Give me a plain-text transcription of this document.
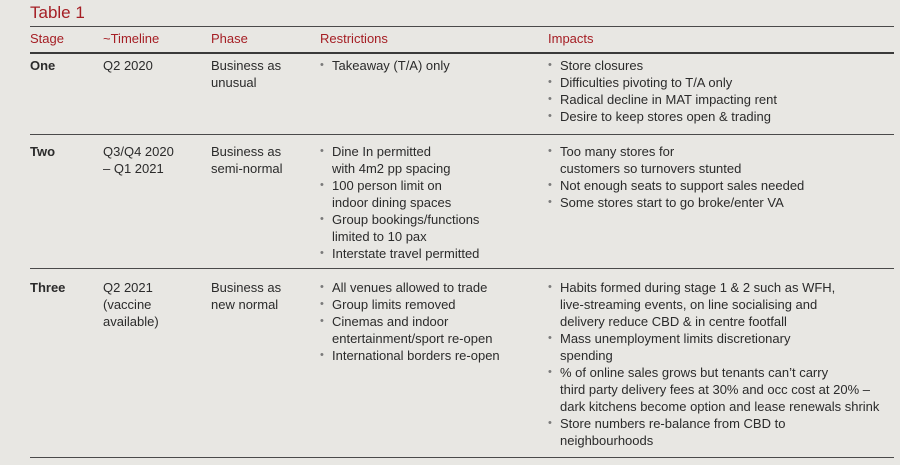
Table 1
Stage	~Timeline	Phase	Restrictions	Impacts
One	Q2 2020	Business as
unusual
• Takeaway (T/A) only
•	Store closures
• Difficulties pivoting to T/A only
• Radical decline in MAT impacting rent
• Desire to keep stores open & trading
Two	Q3/Q4 2020
– Q1 2021
Business as
semi-normal
• Dine In permitted
with 4m2 pp spacing
• 100 person limit on
indoor dining spaces
• Group bookings/functions
limited to 10 pax
• Interstate travel permitted
• Too many stores for
customers so turnovers stunted
• Not enough seats to support sales needed
• Some stores start to go broke/enter VA
Three	Q2 2021
(vaccine
available)
Business as
new normal
• All venues allowed to trade
• Group limits removed
• Cinemas and indoor
entertainment/sport re-open
• International borders re-open
• Habits formed during stage 1 & 2 such as WFH,
live-streaming events, on line socialising and
delivery reduce CBD & in centre footfall
• Mass unemployment limits discretionary
spending
• % of online sales grows but tenants can’t carry
third party delivery fees at 30% and occ cost at 20% –
dark kitchens become option and lease renewals shrink
• Store numbers re-balance from CBD to
neighbourhoods
